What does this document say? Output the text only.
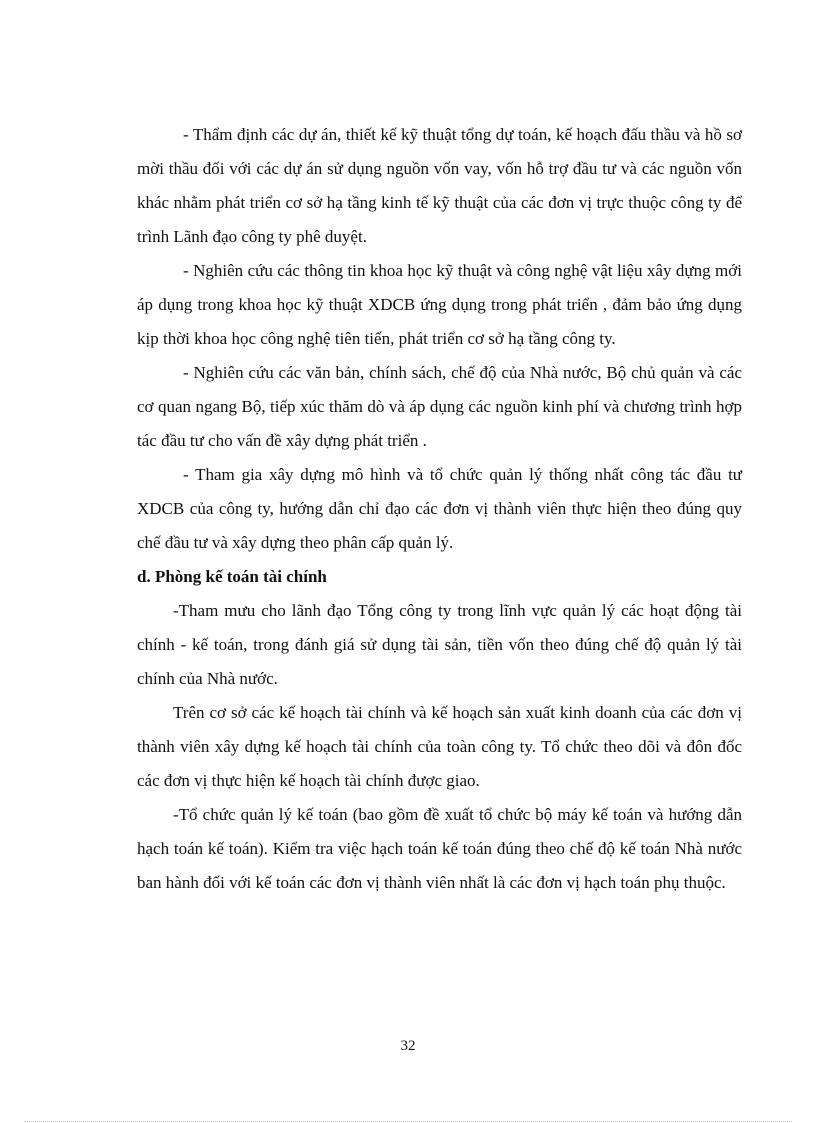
- Thẩm định các dự án, thiết kế kỹ thuật tổng dự toán, kế hoạch đấu thầu và hồ sơ mời thầu đối với các dự án sử dụng nguồn vốn vay, vốn hỗ trợ đầu tư và các nguồn vốn khác nhằm phát triển cơ sở hạ tầng kinh tế kỹ thuật của các đơn vị trực thuộc công ty để trình Lãnh đạo công ty phê duyệt.

- Nghiên cứu các thông tin khoa học kỹ thuật và công nghệ vật liệu xây dựng mới áp dụng trong khoa học kỹ thuật XDCB ứng dụng trong phát triển , đảm bảo ứng dụng kịp thời khoa học công nghệ tiên tiến, phát triển cơ sở hạ tầng công ty.

- Nghiên cứu các văn bản, chính sách, chế độ của Nhà nước, Bộ chủ quản và các cơ quan ngang Bộ, tiếp xúc thăm dò và áp dụng các nguồn kinh phí và chương trình hợp tác đầu tư cho vấn đề xây dựng phát triển .

- Tham gia xây dựng mô hình và tổ chức quản lý thống nhất công tác đầu tư XDCB của công ty, hướng dẫn chỉ đạo các đơn vị thành viên thực hiện theo đúng quy chế đầu tư và xây dựng theo phân cấp quản lý.

d. Phòng kế toán tài chính

-Tham mưu cho lãnh đạo Tổng công ty trong lĩnh vực quản lý các hoạt động tài chính - kế toán, trong đánh giá sử dụng tài sản, tiền vốn theo đúng chế độ quản lý tài chính của Nhà nước.

Trên cơ sở các kế hoạch tài chính và kế hoạch sản xuất kinh doanh của các đơn vị thành viên xây dựng kế hoạch tài chính của toàn công ty. Tổ chức theo dõi và đôn đốc các đơn vị thực hiện kế hoạch tài chính được giao.

-Tổ chức quản lý kế toán (bao gồm đề xuất tổ chức bộ máy kế toán và hướng dẫn hạch toán kế toán). Kiểm tra việc hạch toán kế toán đúng theo chế độ kế toán Nhà nước ban hành đối với kế toán các đơn vị thành viên nhất là các đơn vị hạch toán phụ thuộc.

32
